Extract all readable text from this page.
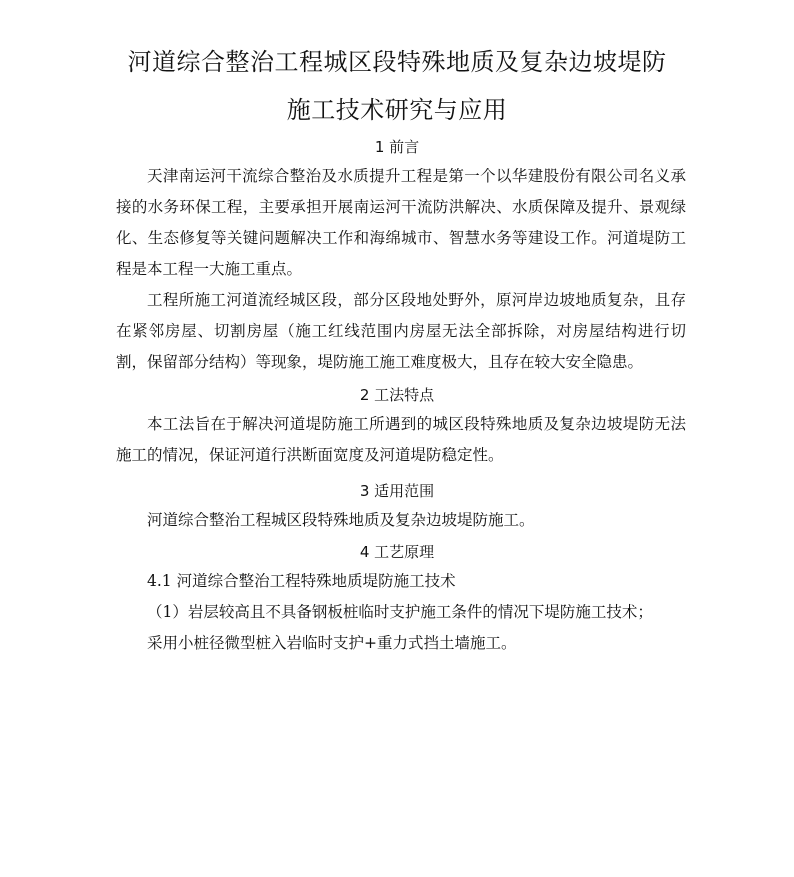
河道综合整治工程城区段特殊地质及复杂边坡堤防
施工技术研究与应用
1 前言

天津南运河干流综合整治及水质提升工程是第一个以华建股份有限公司名义承接的水务环保工程，主要承担开展南运河干流防洪解决、水质保障及提升、景观绿化、生态修复等关键问题解决工作和海绵城市、智慧水务等建设工作。河道堤防工程是本工程一大施工重点。

工程所施工河道流经城区段，部分区段地处野外，原河岸边坡地质复杂，且存在紧邻房屋、切割房屋（施工红线范围内房屋无法全部拆除，对房屋结构进行切割，保留部分结构）等现象，堤防施工施工难度极大，且存在较大安全隐患。

2 工法特点

本工法旨在于解决河道堤防施工所遇到的城区段特殊地质及复杂边坡堤防无法施工的情况，保证河道行洪断面宽度及河道堤防稳定性。

3 适用范围

河道综合整治工程城区段特殊地质及复杂边坡堤防施工。

4 工艺原理

4.1 河道综合整治工程特殊地质堤防施工技术

（1）岩层较高且不具备钢板桩临时支护施工条件的情况下堤防施工技术；

采用小桩径微型桩入岩临时支护+重力式挡土墙施工。
